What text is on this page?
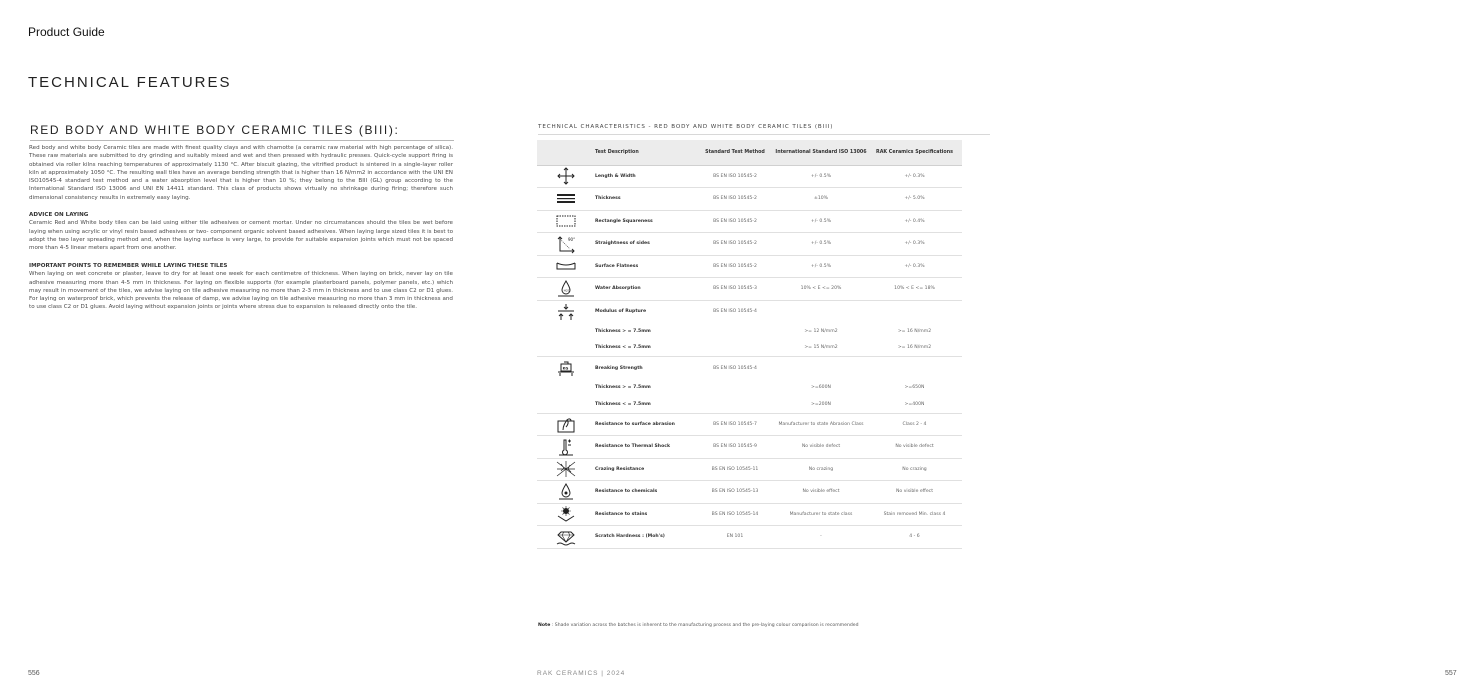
Product Guide
TECHNICAL FEATURES
RED BODY AND WHITE BODY CERAMIC TILES (BIII):

Red body and white body Ceramic tiles are made with finest quality clays and with chamotte (a ceramic raw material with high percentage of silica). These raw materials are submitted to dry grinding and suitably mixed and wet and then pressed with hydraulic presses. Quick-cycle support firing is obtained via roller kilns reaching temperatures of approximately 1130 °C. After biscuit glazing, the vitrified product is sintered in a single-layer roller kiln at approximately 1050 °C. The resulting wall tiles have an average bending strength that is higher than 16 N/mm2 in accordance with the UNI EN ISO10545-4 standard test method and a water absorption level that is higher than 10 %; they belong to the BIII (GL) group according to the International Standard ISO 13006 and UNI EN 14411 standard. This class of products shows virtually no shrinkage during firing; therefore such dimensional consistency results in extremely easy laying.

ADVICE ON LAYING
Ceramic Red and White body tiles can be laid using either tile adhesives or cement mortar. Under no circumstances should the tiles be wet before laying when using acrylic or vinyl resin based adhesives or two- component organic solvent based adhesives. When laying large sized tiles it is best to adopt the two layer spreading method and, when the laying surface is very large, to provide for suitable expansion joints which must not be spaced more than 4-5 linear meters apart from one another.
IMPORTANT POINTS TO REMEMBER WHILE LAYING THESE TILES
When laying on wet concrete or plaster, leave to dry for at least one week for each centimetre of thickness. When laying on brick, never lay on tile adhesive measuring more than 4-5 mm in thickness. For laying on flexible supports (for example plasterboard panels, polymer panels, etc.) which may result in movement of the tiles, we advise laying on tile adhesive measuring no more than 2-3 mm in thickness and to use class C2 or D1 glues. For laying on waterproof brick, which prevents the release of damp, we advise laying on tile adhesive measuring no more than 3 mm in thickness and to use class C2 or D1 glues. Avoid laying without expansion joints or joints where stress due to expansion is released directly onto the tile.
556
TECHNICAL CHARACTERISTICS - RED BODY AND WHITE BODY CERAMIC TILES (BIII)
	Test Description	Standard Test Method	International Standard ISO 13006	RAK Ceramics Specifications

	Length & Width	BS EN ISO 10545-2	+/- 0.5%	+/- 0.3%

	Thickness	BS EN ISO 10545-2	±10%	+/- 5.0%

	Rectangle Squareness	BS EN ISO 10545-2	+/- 0.5%	+/- 0.4%

90°	Straightness of sides	BS EN ISO 10545-2	+/- 0.5%	+/- 0.3%

	Surface Flatness	BS EN ISO 10545-2	+/- 0.5%	+/- 0.3%

H2O	Water Absorption	BS EN ISO 10545-3	10% < E <= 20%	10% < E <= 18%

	Modulus of Rupture	BS EN ISO 10545-4		
	Thickness > = 7.5mm		>= 12 N/mm2	>= 16 N/mm2
	Thickness < = 7.5mm		>= 15 N/mm2	>= 16 N/mm2

KG	Breaking Strength	BS EN ISO 10545-4		
	Thickness > = 7.5mm		>=600N	>=650N
	Thickness < = 7.5mm		>=200N	>=400N

	Resistance to surface abrasion	BS EN ISO 10545-7	Manufacturer to state Abrasion Class	Class 2 - 4

	Resistance to Thermal Shock	BS EN ISO 10545-9	No visible defect	No visible defect

	Crazing Resistance	BS EN ISO 10545-11	No crazing	No crazing

	Resistance to chemicals	BS EN ISO 10545-13	No visible effect	No visible effect

	Resistance to stains	BS EN ISO 10545-14	Manufacturer to state class	Stain removed Min. class 4

	Scratch Hardness : (Moh's)	EN 101	-	4 - 6
Note : Shade variation across the batches is inherent to the manufacturing process and the pre-laying colour comparison is recommended
557
RAK CERAMICS | 2024
